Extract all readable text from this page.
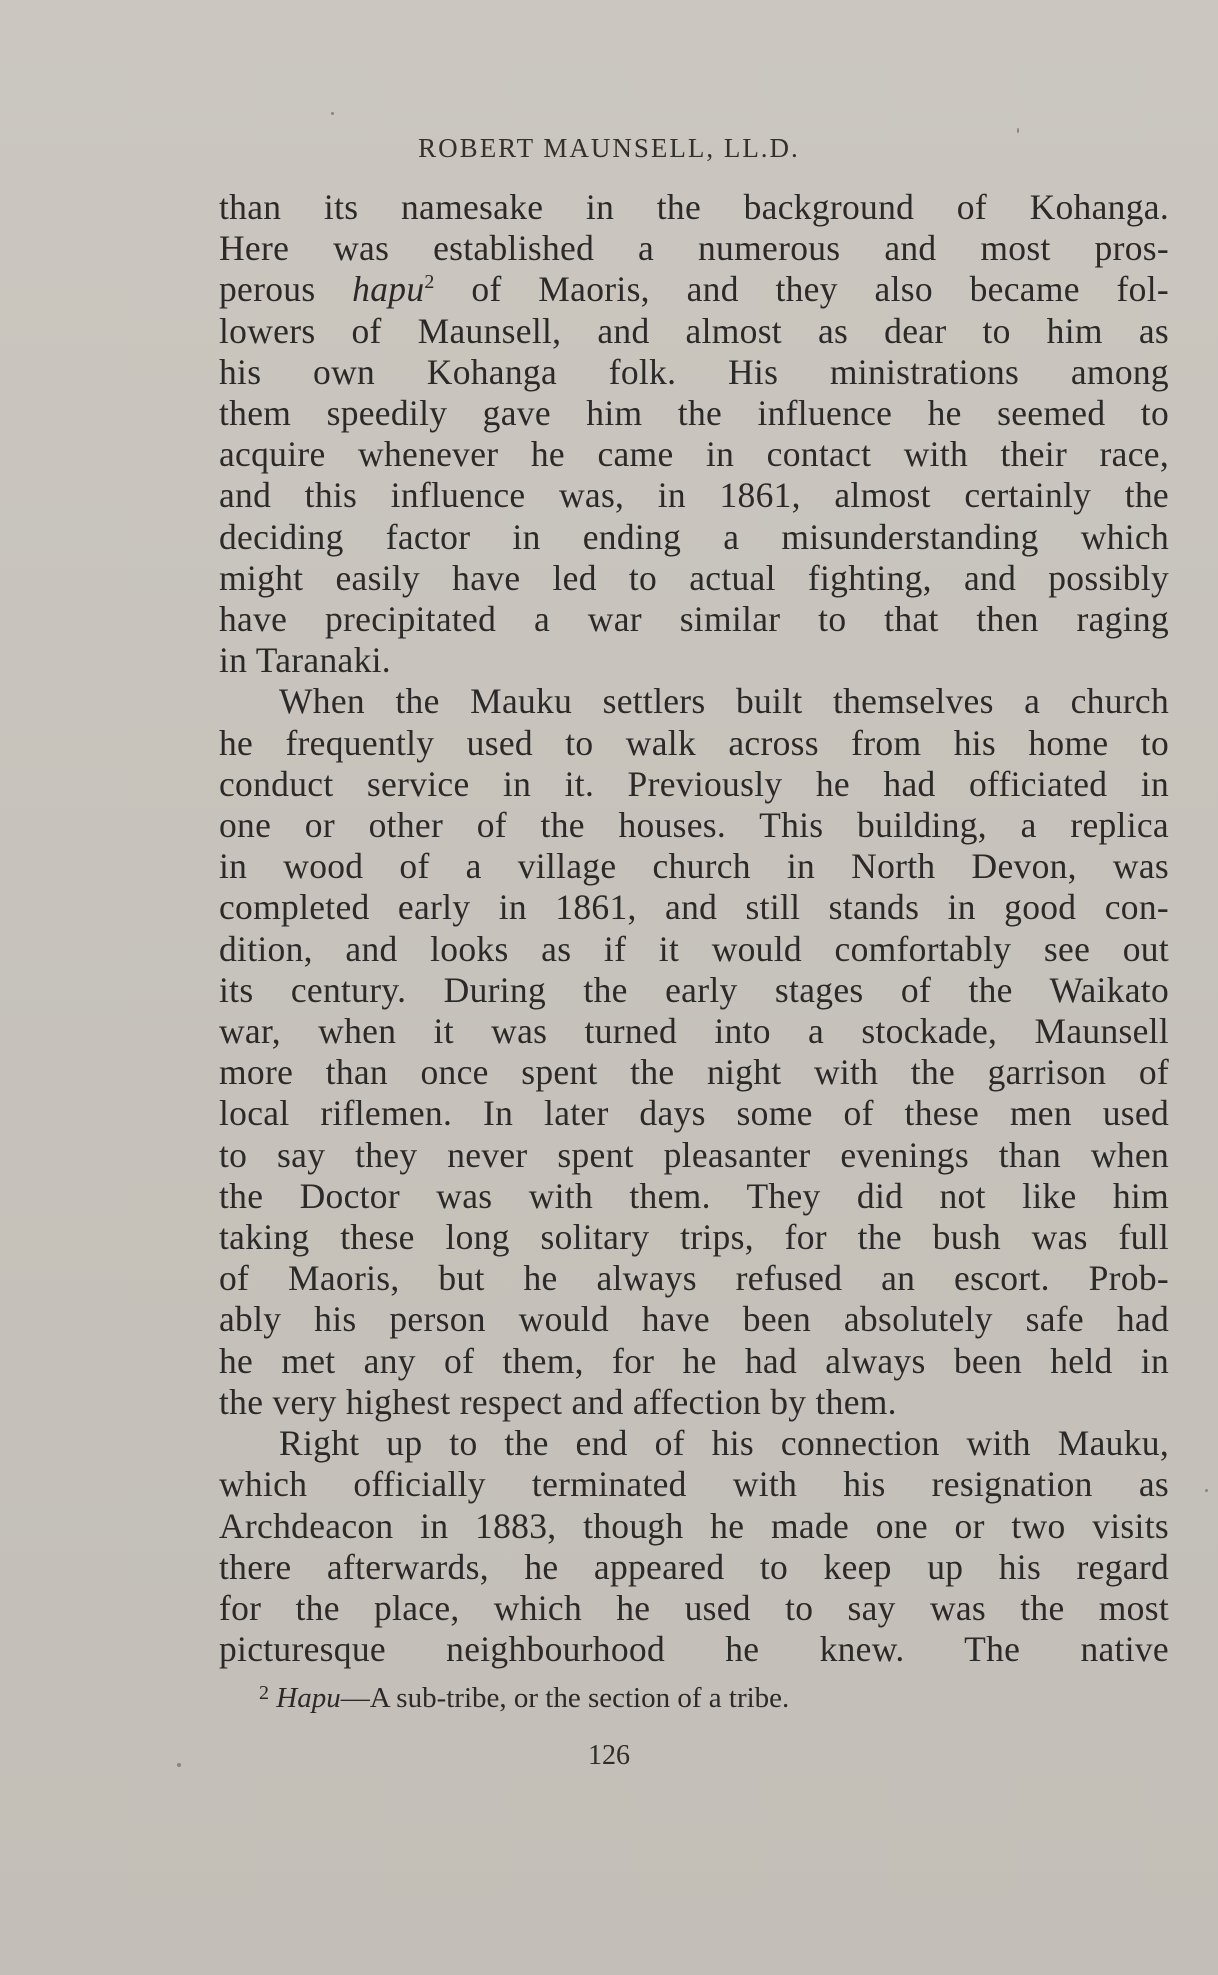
ROBERT MAUNSELL, LL.D.
than its namesake in the background of Kohanga.
Here was established a numerous and most pros-
perous hapu$^2$ of Maoris, and they also became fol-
lowers of Maunsell, and almost as dear to him as
his own Kohanga folk. His ministrations among
them speedily gave him the influence he seemed to
acquire whenever he came in contact with their race,
and this influence was, in 1861, almost certainly the
deciding factor in ending a misunderstanding which
might easily have led to actual fighting, and possibly
have precipitated a war similar to that then raging
in Taranaki.
When the Mauku settlers built themselves a church
he frequently used to walk across from his home to
conduct service in it. Previously he had officiated in
one or other of the houses. This building, a replica
in wood of a village church in North Devon, was
completed early in 1861, and still stands in good con-
dition, and looks as if it would comfortably see out
its century. During the early stages of the Waikato
war, when it was turned into a stockade, Maunsell
more than once spent the night with the garrison of
local riflemen. In later days some of these men used
to say they never spent pleasanter evenings than when
the Doctor was with them. They did not like him
taking these long solitary trips, for the bush was full
of Maoris, but he always refused an escort. Prob-
ably his person would have been absolutely safe had
he met any of them, for he had always been held in
the very highest respect and affection by them.
Right up to the end of his connection with Mauku,
which officially terminated with his resignation as
Archdeacon in 1883, though he made one or two visits
there afterwards, he appeared to keep up his regard
for the place, which he used to say was the most
picturesque neighbourhood he knew. The native
$^2$ Hapu—A sub-tribe, or the section of a tribe.
126
